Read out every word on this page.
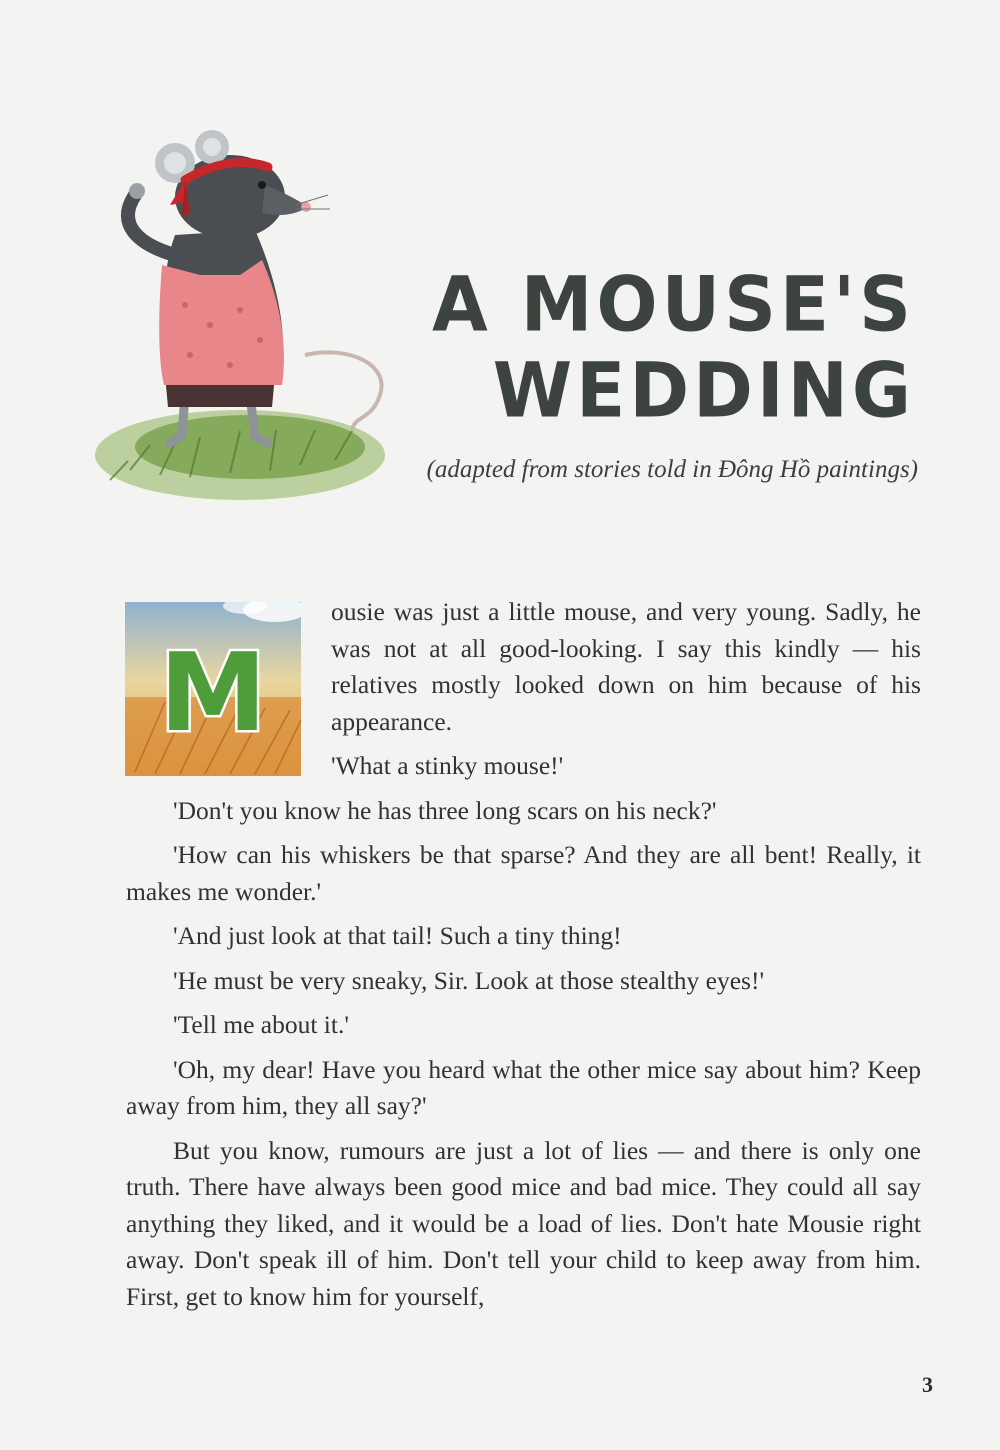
A MOUSE'S
WEDDING
(adapted from stories told in Đông Hồ paintings)
M

ousie was just a little mouse, and very young. Sadly, he was not at all good-looking. I say this kindly — his relatives mostly looked down on him because of his appearance.

'What a stinky mouse!'

'Don't you know he has three long scars on his neck?'

'How can his whiskers be that sparse? And they are all bent! Really, it makes me wonder.'

'And just look at that tail! Such a tiny thing!

'He must be very sneaky, Sir. Look at those stealthy eyes!'

'Tell me about it.'

'Oh, my dear! Have you heard what the other mice say about him? Keep away from him, they all say?'

But you know, rumours are just a lot of lies — and there is only one truth. There have always been good mice and bad mice. They could all say anything they liked, and it would be a load of lies. Don't hate Mousie right away. Don't speak ill of him. Don't tell your child to keep away from him. First, get to know him for yourself,

3
